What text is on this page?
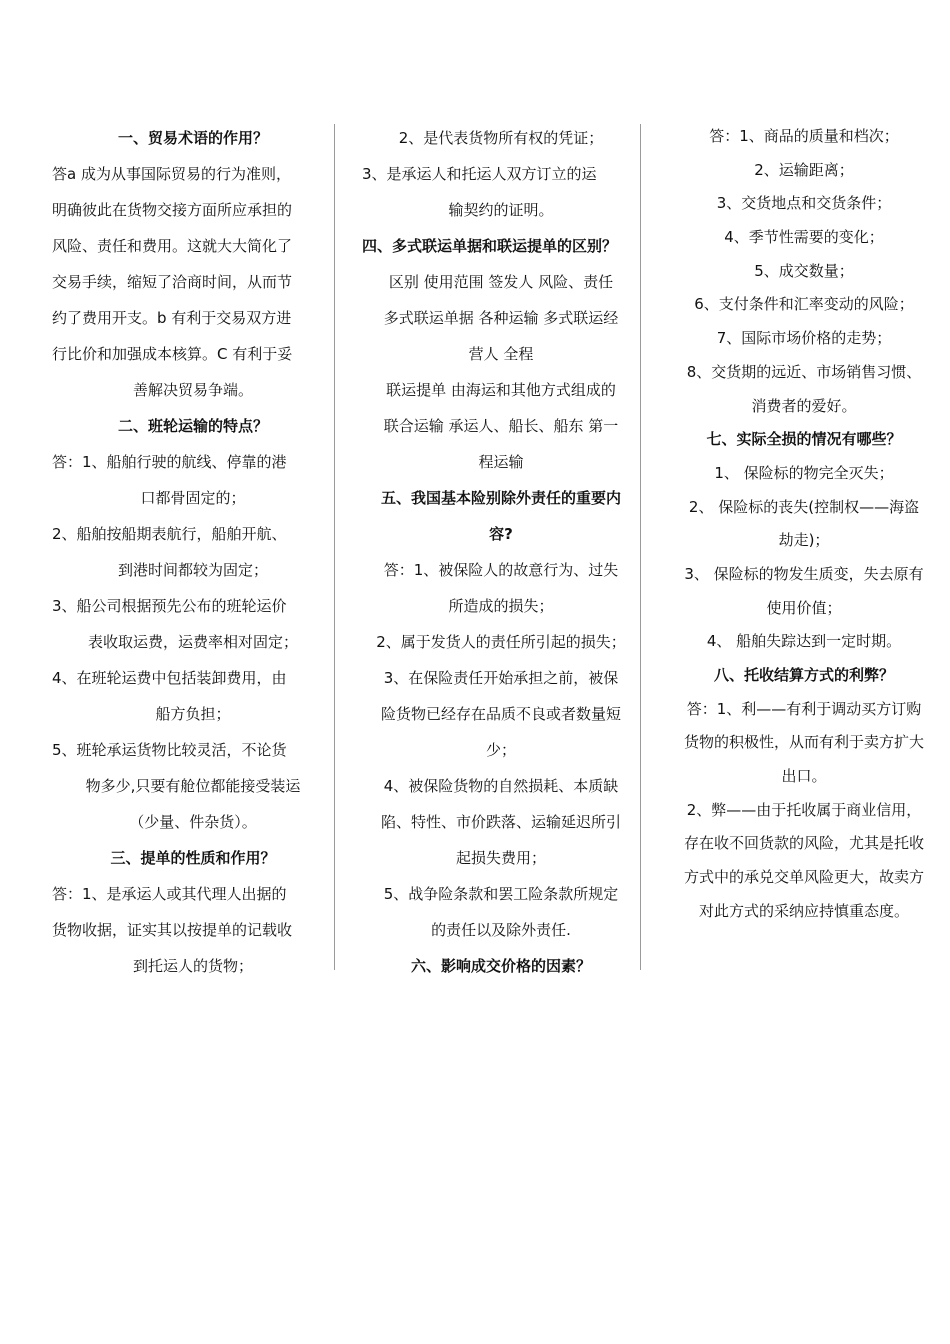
一、贸易术语的作用？
答a 成为从事国际贸易的行为准则，
明确彼此在货物交接方面所应承担的
风险、责任和费用。这就大大简化了
交易手续，缩短了洽商时间，从而节
约了费用开支。b 有利于交易双方进
行比价和加强成本核算。C 有利于妥
善解决贸易争端。
二、班轮运输的特点？
答：1、船舶行驶的航线、停靠的港
口都骨固定的；
2、船舶按船期表航行，船舶开航、
到港时间都较为固定；
3、船公司根据预先公布的班轮运价
表收取运费，运费率相对固定；
4、在班轮运费中包括装卸费用，由
船方负担；
5、班轮承运货物比较灵活，不论货
物多少,只要有舱位都能接受装运
（少量、件杂货）。
三、提单的性质和作用？
答：1、是承运人或其代理人出据的
货物收据，证实其以按提单的记载收
到托运人的货物；
2、是代表货物所有权的凭证；
3、是承运人和托运人双方订立的运
输契约的证明。
四、多式联运单据和联运提单的区别？
区别 使用范围 签发人 风险、责任
多式联运单据 各种运输 多式联运经
营人 全程
联运提单 由海运和其他方式组成的
联合运输 承运人、船长、船东 第一
程运输
五、我国基本险别除外责任的重要内
容?
答：1、被保险人的故意行为、过失
所造成的损失；
2、属于发货人的责任所引起的损失；
3、在保险责任开始承担之前，被保
险货物已经存在品质不良或者数量短
少；
4、被保险货物的自然损耗、本质缺
陷、特性、市价跌落、运输延迟所引
起损失费用；
5、战争险条款和罢工险条款所规定
的责任以及除外责任.
六、影响成交价格的因素？
答：1、商品的质量和档次；
2、运输距离；
3、交货地点和交货条件；
4、季节性需要的变化；
5、成交数量；
6、支付条件和汇率变动的风险；
7、国际市场价格的走势；
8、交货期的远近、市场销售习惯、
消费者的爱好。
七、实际全损的情况有哪些？
1、 保险标的物完全灭失；
2、 保险标的丧失(控制权——海盗
劫走)；
3、 保险标的物发生质变，失去原有
使用价值；
4、 船舶失踪达到一定时期。
八、托收结算方式的利弊？
答：1、利——有利于调动买方订购
货物的积极性，从而有利于卖方扩大
出口。
2、弊——由于托收属于商业信用，
存在收不回货款的风险，尤其是托收
方式中的承兑交单风险更大，故卖方
对此方式的采纳应持慎重态度。
